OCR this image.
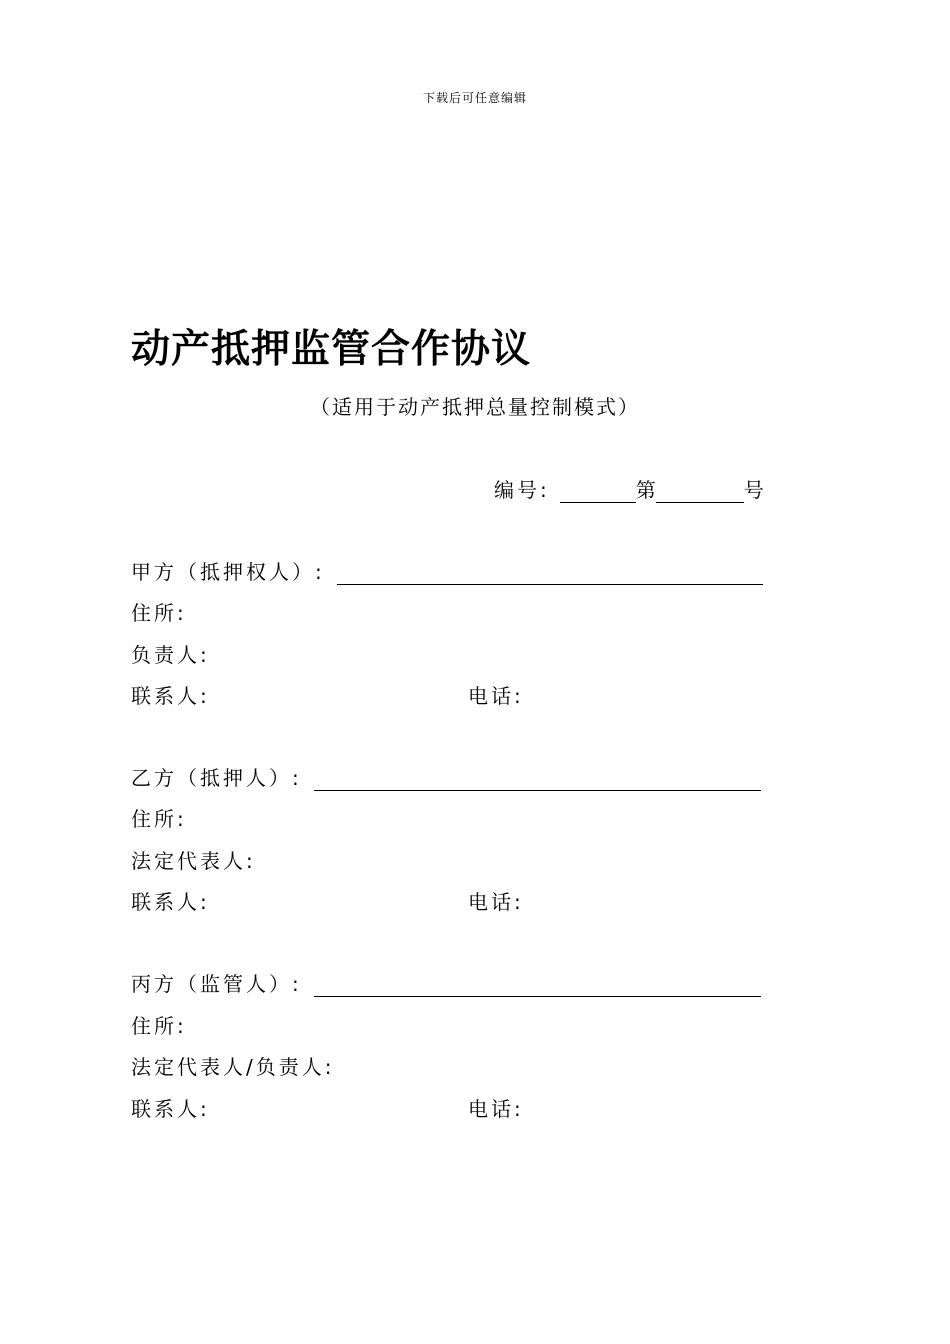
下载后可任意编辑
动产抵押监管合作协议
（适用于动产抵押总量控制模式）
编号:	第	号
甲方（抵押权人）:
住所:
负责人:
联系人:	电话:
乙方（抵押人）:
住所:
法定代表人:
联系人:	电话:
丙方（监管人）:
住所:
法定代表人/负责人:
联系人:	电话:
